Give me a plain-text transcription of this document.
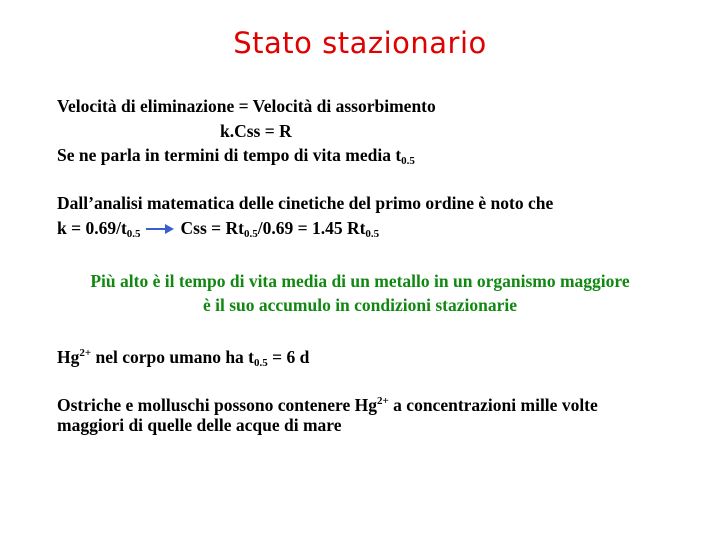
Stato stazionario
Velocità di eliminazione = Velocità di assorbimento
k.Css = R
Se ne parla in termini di tempo di vita media $t_{0.5}$
Dall’analisi matematica delle cinetiche del primo ordine è noto che
$k = 0.69/t_{0.5}$ Css = $Rt_{0.5}/0.69 = 1.45$ $Rt_{0.5}$
Più alto è il tempo di vita media di un metallo in un organismo maggiore
è il suo accumulo in condizioni stazionarie
$Hg^{2+}$ nel corpo umano ha $t_{0.5} = 6$ d
Ostriche e molluschi possono contenere $Hg^{2+}$ a concentrazioni mille volte
maggiori di quelle delle acque di mare
